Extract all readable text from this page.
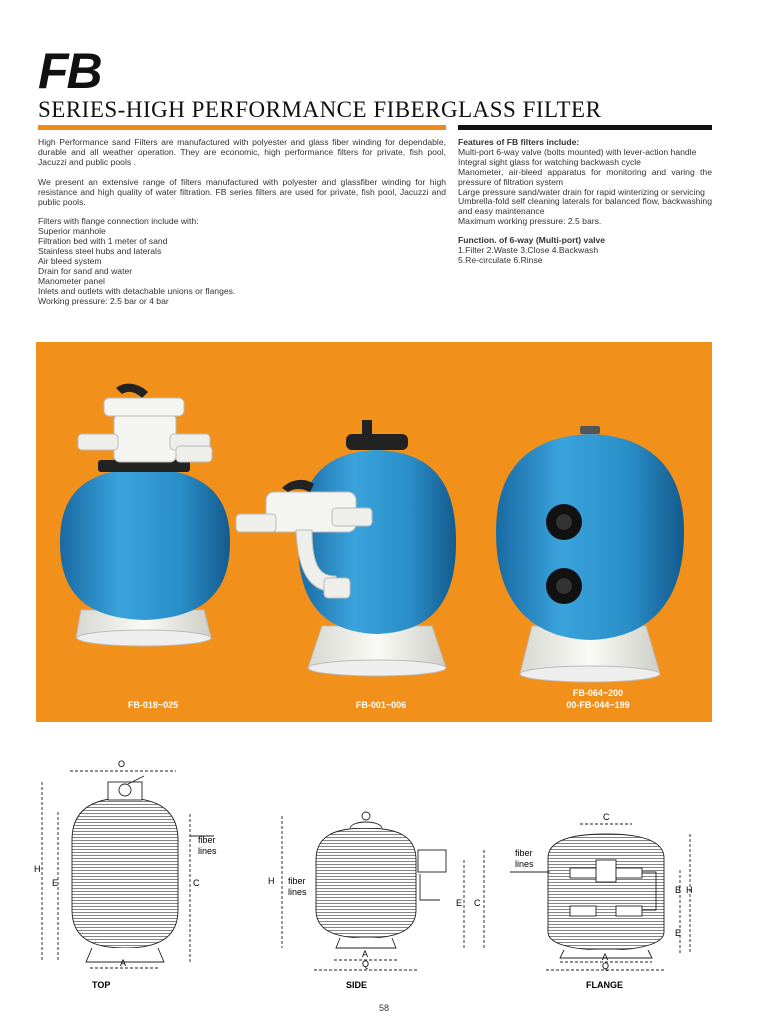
FB
SERIES-HIGH PERFORMANCE FIBERGLASS FILTER

High Performance sand Filters are manufactured with polyester and glass fiber winding for dependable, durable and all weather operation. They are economic, high performance filters for private, fish pool, Jacuzzi and public pools .

We present an extensive range of filters manufactured with polyester and glassfiber winding for high resistance and high quality of water filtration. FB series filters are used for private, fish pool, Jacuzzi and public pools.

Filters with flange connection include with:
Superior manhole
Filtration bed with 1 meter of sand
Stainless steel hubs and laterals
Air bleed system
Drain for sand and water
Manometer panel
Inlets and outlets with detachable unions or flanges.
Working pressure: 2.5 bar or 4 bar
Features of FB filters include:
Multi-port 6-way valve (bolts mounted) with lever-action handle
Integral sight glass for watching backwash cycle
Manometer, air-bleed apparatus for monitoring and varing the pressure of filtration system
Large pressure sand/water drain for rapid winterizing or servicing
Umbrella-fold self cleaning laterals for balanced flow, backwashing and easy maintenance
Maximum working pressure: 2.5 bars.
Function. of 6-way (Multi-port) valve
1.Filter 2.Waste 3.Close 4.Backwash
5.Re-circulate 6.Rinse
FB-018~025	FB-001~006
FB-064~200
00-FB-044~199
O
H
E	C
A
fiber
lines
TOP
H fiber
lines
E C
A
Q
SIDE
C
B H
E
A
Q
fiber
lines
FLANGE
58
